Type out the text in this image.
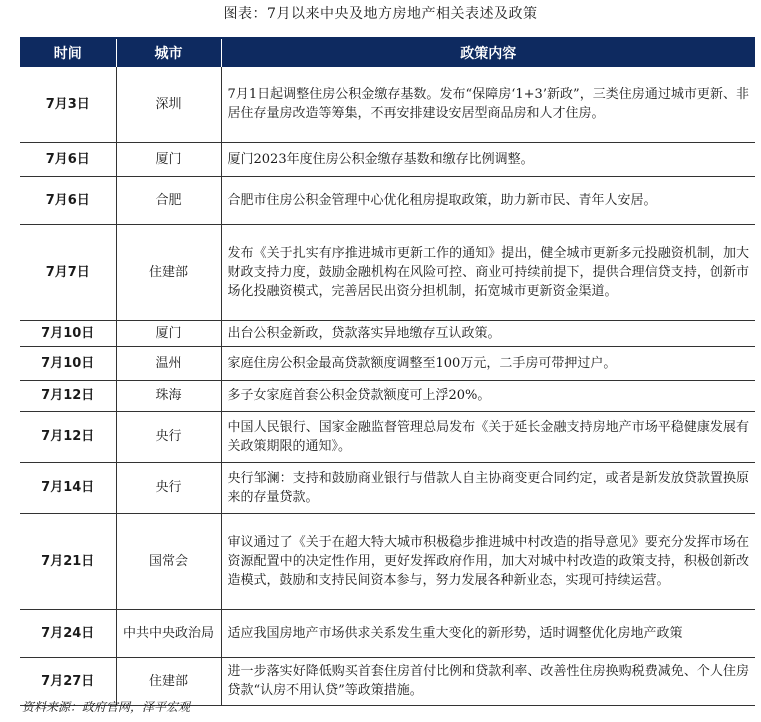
图表：7月以来中央及地方房地产相关表述及政策
时间	城市	政策内容
7月3日	深圳	7月1日起调整住房公积金缴存基数。发布“保障房‘1+3’新政”，三类住房通过城市更新、非居住存量房改造等筹集，不再安排建设安居型商品房和人才住房。
7月6日	厦门	厦门2023年度住房公积金缴存基数和缴存比例调整。
7月6日	合肥	合肥市住房公积金管理中心优化租房提取政策，助力新市民、青年人安居。
7月7日	住建部	发布《关于扎实有序推进城市更新工作的通知》提出，健全城市更新多元投融资机制，加大财政支持力度，鼓励金融机构在风险可控、商业可持续前提下，提供合理信贷支持，创新市场化投融资模式，完善居民出资分担机制，拓宽城市更新资金渠道。
7月10日	厦门	出台公积金新政，贷款落实异地缴存互认政策。
7月10日	温州	家庭住房公积金最高贷款额度调整至100万元，二手房可带押过户。
7月12日	珠海	多子女家庭首套公积金贷款额度可上浮20%。
7月12日	央行	中国人民银行、国家金融监督管理总局发布《关于延长金融支持房地产市场平稳健康发展有关政策期限的通知》。
7月14日	央行	央行邹澜：支持和鼓励商业银行与借款人自主协商变更合同约定，或者是新发放贷款置换原来的存量贷款。
7月21日	国常会	审议通过了《关于在超大特大城市积极稳步推进城中村改造的指导意见》要充分发挥市场在资源配置中的决定性作用，更好发挥政府作用，加大对城中村改造的政策支持，积极创新改造模式，鼓励和支持民间资本参与，努力发展各种新业态，实现可持续运营。
7月24日	中共中央政治局	适应我国房地产市场供求关系发生重大变化的新形势，适时调整优化房地产政策
7月27日	住建部	进一步落实好降低购买首套住房首付比例和贷款利率、改善性住房换购税费减免、个人住房贷款“认房不用认贷”等政策措施。
资料来源：政府官网，泽平宏观
